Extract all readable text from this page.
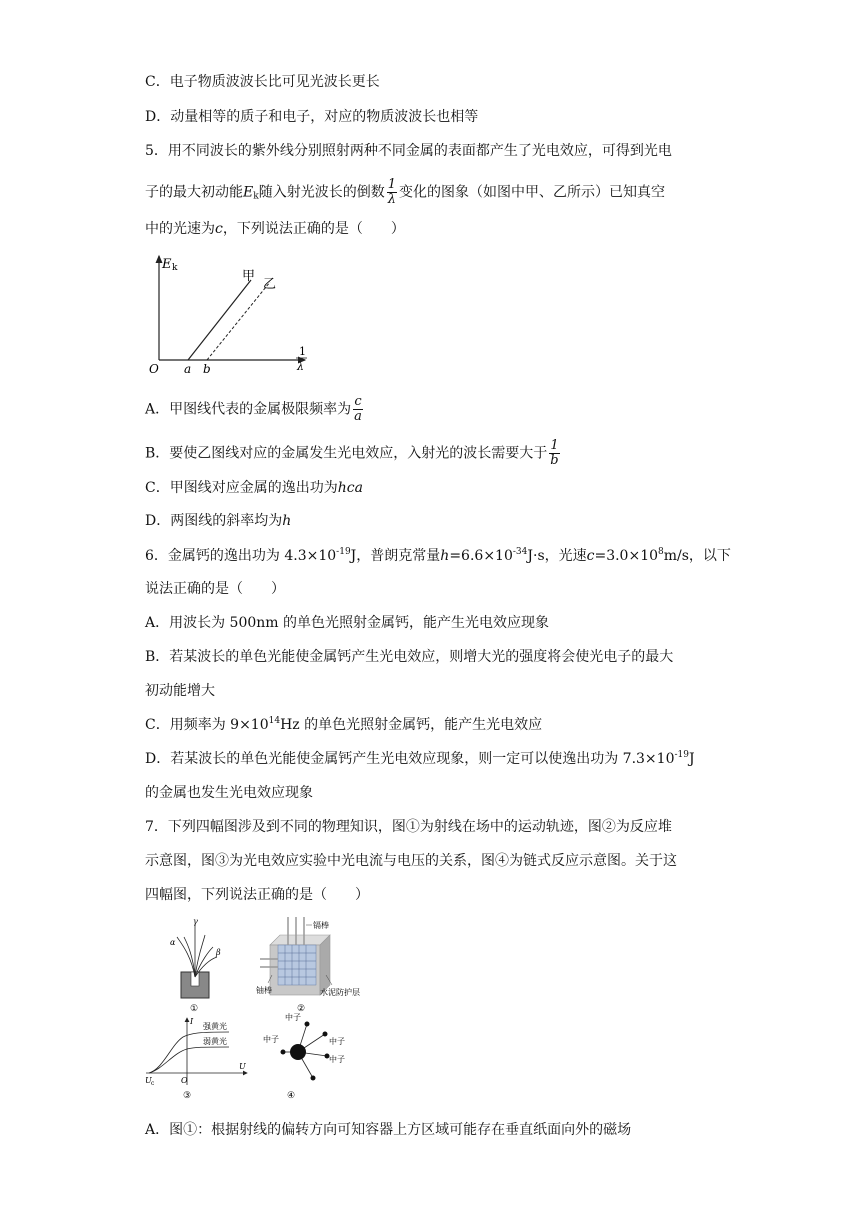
C．电子物质波波长比可见光波长更长
D．动量相等的质子和电子，对应的物质波波长也相等
5．用不同波长的紫外线分别照射两种不同金属的表面都产生了光电效应，可得到光电
子的最大初动能$E_k$随入射光波长的倒数 $\frac{1}{\lambda}$ 变化的图象（如图中甲、乙所示）已知真空
中的光速为c，下列说法正确的是（　　）
E k
甲
乙
O a b
1
λ
A．甲图线代表的金属极限频率为 $\frac{c}{a}$
B．要使乙图线对应的金属发生光电效应，入射光的波长需要大于 $\frac{1}{b}$
C．甲图线对应金属的逸出功为hca
D．两图线的斜率均为h
6．金属钙的逸出功为 $4.3\times 10^{-19}J$，普朗克常量$h=6.6\times 10^{-34}J\cdot s$，光速$c=3.0\times 10^8m/s$，以下
说法正确的是（　　）
A．用波长为 500nm 的单色光照射金属钙，能产生光电效应现象
B．若某波长的单色光能使金属钙产生光电效应，则增大光的强度将会使光电子的最大
初动能增大
C．用频率为 $9\times 10^{14}Hz$ 的单色光照射金属钙，能产生光电效应
D．若某波长的单色光能使金属钙产生光电效应现象，则一定可以使逸出功为 $7.3\times 10^{-19}J$
的金属也发生光电效应现象
7．下列四幅图涉及到不同的物理知识，图①为射线在场中的运动轨迹，图②为反应堆
示意图，图③为光电效应实验中光电流与电压的关系，图④为链式反应示意图。关于这
四幅图，下列说法正确的是（　　）
γ
α
β
①
镉棒
铀棒	水泥防护层
②
I
强黄光
弱黄光
U c	O
U
③
中子
中子	中子
中子
④
A．图①：根据射线的偏转方向可知容器上方区域可能存在垂直纸面向外的磁场
